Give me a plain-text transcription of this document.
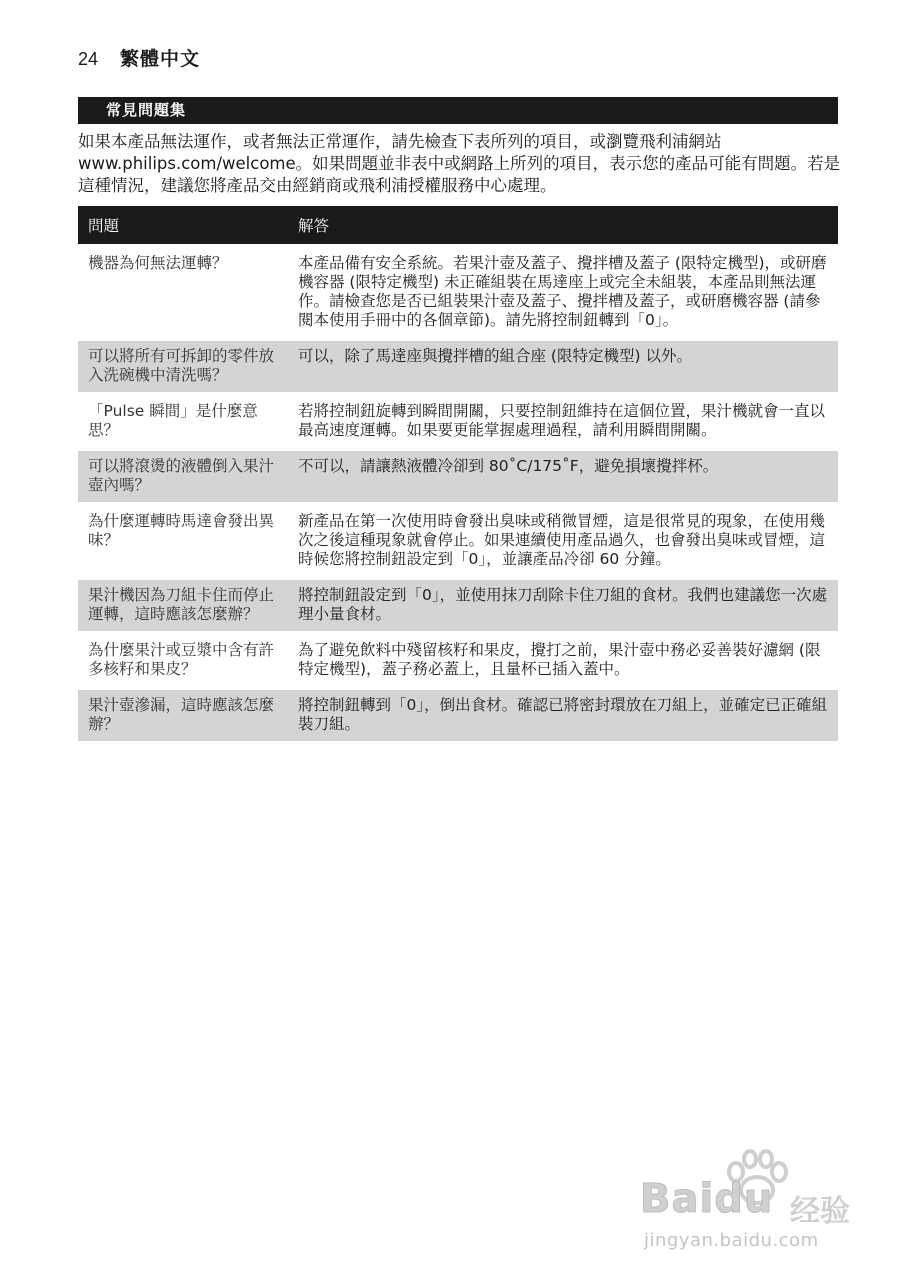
24	繁體中文
常見問題集

如果本產品無法運作，或者無法正常運作，請先檢查下表所列的項目，或瀏覽飛利浦網站 www.philips.com/welcome。如果問題並非表中或網路上所列的項目，表示您的產品可能有問題。若是這種情況，建議您將產品交由經銷商或飛利浦授權服務中心處理。

問題	解答
機器為何無法運轉？	本產品備有安全系統。若果汁壺及蓋子、攪拌槽及蓋子 (限特定機型)，或研磨機容器 (限特定機型) 未正確組裝在馬達座上或完全未組裝，本產品則無法運作。請檢查您是否已組裝果汁壺及蓋子、攪拌槽及蓋子，或研磨機容器 (請參閱本使用手冊中的各個章節)。請先將控制鈕轉到「0」。
可以將所有可拆卸的零件放入洗碗機中清洗嗎？	可以，除了馬達座與攪拌槽的組合座 (限特定機型) 以外。
「Pulse 瞬間」是什麼意思？	若將控制鈕旋轉到瞬間開關，只要控制鈕維持在這個位置，果汁機就會一直以最高速度運轉。如果要更能掌握處理過程，請利用瞬間開關。
可以將滾燙的液體倒入果汁壺內嗎？	不可以，請讓熱液體冷卻到 80˚C/175˚F，避免損壞攪拌杯。
為什麼運轉時馬達會發出異味？	新產品在第一次使用時會發出臭味或稍微冒煙，這是很常見的現象，在使用幾次之後這種現象就會停止。如果連續使用產品過久，也會發出臭味或冒煙，這時候您將控制鈕設定到「0」，並讓產品冷卻 60 分鐘。
果汁機因為刀組卡住而停止運轉，這時應該怎麼辦？	將控制鈕設定到「0」，並使用抹刀刮除卡住刀組的食材。我們也建議您一次處理小量食材。
為什麼果汁或豆漿中含有許多核籽和果皮？	為了避免飲料中殘留核籽和果皮，攪打之前，果汁壺中務必妥善裝好濾網 (限特定機型)，蓋子務必蓋上，且量杯已插入蓋中。
果汁壺滲漏，這時應該怎麼辦？	將控制鈕轉到「0」，倒出食材。確認已將密封環放在刀組上，並確定已正確組裝刀組。
Baidu 经验
jingyan.baidu.com
